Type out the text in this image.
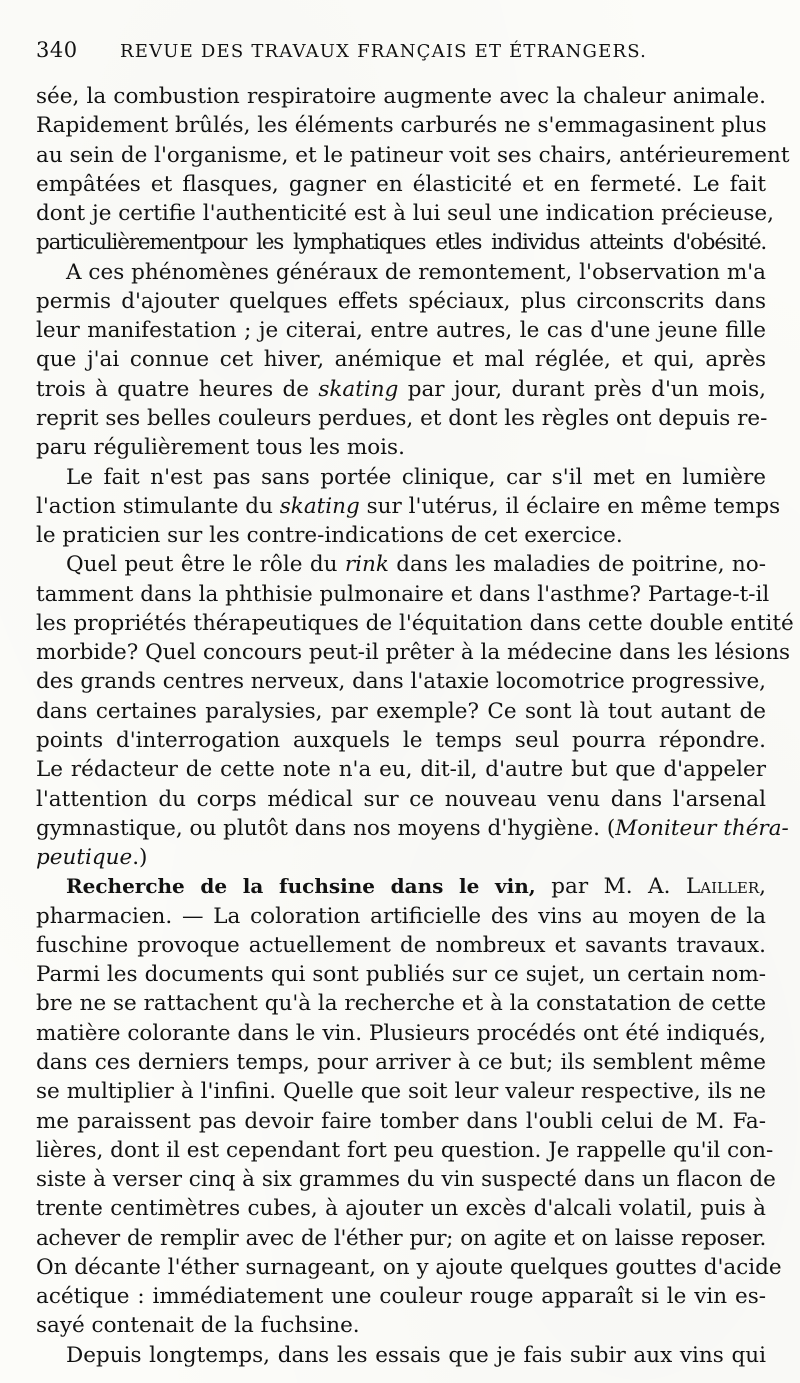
340 REVUE DES TRAVAUX FRANÇAIS ET ÉTRANGERS.
sée, la combustion respiratoire augmente avec la chaleur animale.
Rapidement brûlés, les éléments carburés ne s'emmagasinent plus
au sein de l'organisme, et le patineur voit ses chairs, antérieurement
empâtées et flasques, gagner en élasticité et en fermeté. Le fait
dont je certifie l'authenticité est à lui seul une indication précieuse,
particulièrementpour les lymphatiques etles individus atteints d'obésité.
A ces phénomènes généraux de remontement, l'observation m'a
permis d'ajouter quelques effets spéciaux, plus circonscrits dans
leur manifestation ; je citerai, entre autres, le cas d'une jeune fille
que j'ai connue cet hiver, anémique et mal réglée, et qui, après
trois à quatre heures de skating par jour, durant près d'un mois,
reprit ses belles couleurs perdues, et dont les règles ont depuis re-
paru régulièrement tous les mois.
Le fait n'est pas sans portée clinique, car s'il met en lumière
l'action stimulante du skating sur l'utérus, il éclaire en même temps
le praticien sur les contre-indications de cet exercice.
Quel peut être le rôle du rink dans les maladies de poitrine, no-
tamment dans la phthisie pulmonaire et dans l'asthme? Partage-t-il
les propriétés thérapeutiques de l'équitation dans cette double entité
morbide? Quel concours peut-il prêter à la médecine dans les lésions
des grands centres nerveux, dans l'ataxie locomotrice progressive,
dans certaines paralysies, par exemple? Ce sont là tout autant de
points d'interrogation auxquels le temps seul pourra répondre.
Le rédacteur de cette note n'a eu, dit-il, d'autre but que d'appeler
l'attention du corps médical sur ce nouveau venu dans l'arsenal
gymnastique, ou plutôt dans nos moyens d'hygiène. (Moniteur théra-
peutique.)
Recherche de la fuchsine dans le vin, par M. A. Lailler,
pharmacien. — La coloration artificielle des vins au moyen de la
fuschine provoque actuellement de nombreux et savants travaux.
Parmi les documents qui sont publiés sur ce sujet, un certain nom-
bre ne se rattachent qu'à la recherche et à la constatation de cette
matière colorante dans le vin. Plusieurs procédés ont été indiqués,
dans ces derniers temps, pour arriver à ce but; ils semblent même
se multiplier à l'infini. Quelle que soit leur valeur respective, ils ne
me paraissent pas devoir faire tomber dans l'oubli celui de M. Fa-
lières, dont il est cependant fort peu question. Je rappelle qu'il con-
siste à verser cinq à six grammes du vin suspecté dans un flacon de
trente centimètres cubes, à ajouter un excès d'alcali volatil, puis à
achever de remplir avec de l'éther pur; on agite et on laisse reposer.
On décante l'éther surnageant, on y ajoute quelques gouttes d'acide
acétique : immédiatement une couleur rouge apparaît si le vin es-
sayé contenait de la fuchsine.
Depuis longtemps, dans les essais que je fais subir aux vins qui
